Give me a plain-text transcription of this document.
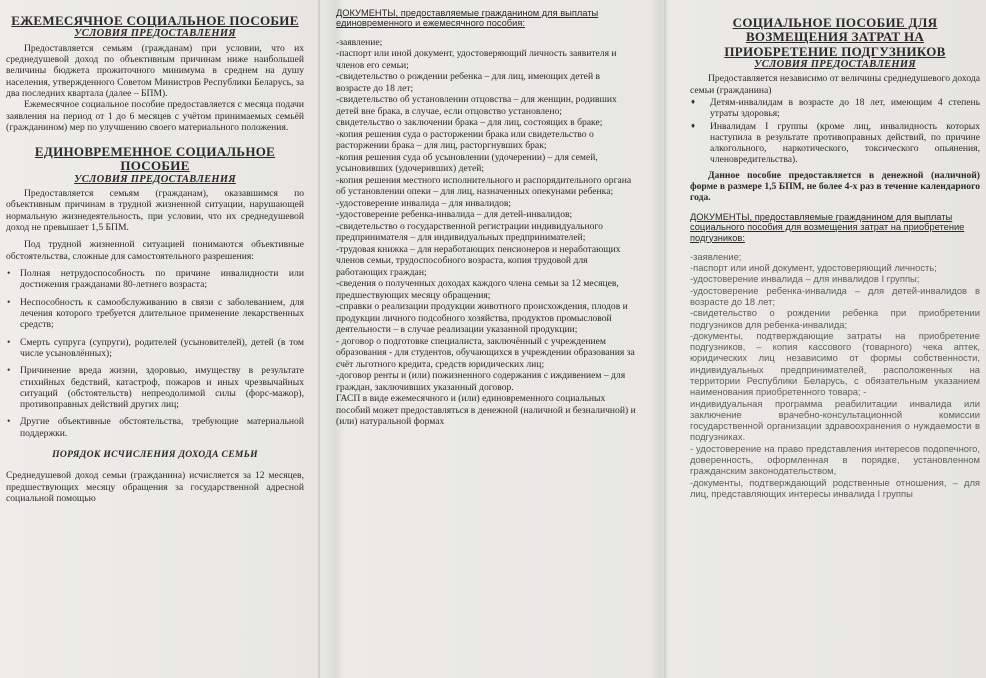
ЕЖЕМЕСЯЧНОЕ СОЦИАЛЬНОЕ ПОСОБИЕ
УСЛОВИЯ ПРЕДОСТАВЛЕНИЯ

Предоставляется семьям (гражданам) при условии, что их среднедушевой доход по объективным причинам ниже наибольшей величины бюджета прожиточного минимума в среднем на душу населения, утвержденного Советом Министров Республики Беларусь, за два последних квартала (далее – БПМ).

Ежемесячное социальное пособие предоставляется с месяца подачи заявления на период от 1 до 6 месяцев с учётом принимаемых семьёй (гражданином) мер по улучшению своего материального положения.

ЕДИНОВРЕМЕННОЕ СОЦИАЛЬНОЕ ПОСОБИЕ
УСЛОВИЯ ПРЕДОСТАВЛЕНИЯ

Предоставляется семьям (гражданам), оказавшимся по объективным причинам в трудной жизненной ситуации, нарушающей нормальную жизнедеятельность, при условии, что их среднедушевой доход не превышает 1,5 БПМ.

Под трудной жизненной ситуацией понимаются объективные обстоятельства, сложные для самостоятельного разрешения:

• Полная нетрудоспособность по причине инвалидности или достижения гражданами 80-летнего возраста;

• Неспособность к самообслуживанию в связи с заболеванием, для лечения которого требуется длительное применение лекарственных средств;

• Смерть супруга (супруги), родителей (усыновителей), детей (в том числе усыновлённых);

• Причинение вреда жизни, здоровью, имуществу в результате стихийных бедствий, катастроф, пожаров и иных чрезвычайных ситуаций (обстоятельств) непреодолимой силы (форс-мажор), противоправных действий других лиц;

• Другие объективные обстоятельства, требующие материальной поддержки.

ПОРЯДОК ИСЧИСЛЕНИЯ ДОХОДА СЕМЬИ

Среднедушевой доход семьи (гражданина) исчисляется за 12 месяцев, предшествующих месяцу обращения за государственной адресной социальной помощью

ДОКУМЕНТЫ, предоставляемые гражданином для выплаты единовременного и ежемесячного пособия:

-заявление;

-паспорт или иной документ, удостоверяющий личность заявителя и членов его семьи;

-свидетельство о рождении ребенка – для лиц, имеющих детей в возрасте до 18 лет;

-свидетельство об установлении отцовства – для женщин, родивших детей вне брака, в случае, если отцовство установлено;

свидетельство о заключении брака – для лиц, состоящих в браке;

-копия решения суда о расторжении брака или свидетельство о расторжении брака – для лиц, расторгнувших брак;

-копия решения суда об усыновлении (удочерении) – для семей, усыновивших (удочеривших) детей;

-копия решения местного исполнительного и распорядительного органа об установлении опеки – для лиц, назначенных опекунами ребенка;

-удостоверение инвалида – для инвалидов;

-удостоверение ребенка-инвалида – для детей-инвалидов;

-свидетельство о государственной регистрации индивидуального предпринимателя – для индивидуальных предпринимателей;

-трудовая книжка – для неработающих пенсионеров и неработающих членов семьи, трудоспособного возраста, копия трудовой для работающих граждан;

-сведения о полученных доходах каждого члена семьи за 12 месяцев, предшествующих месяцу обращения;

-справки о реализации продукции животного происхождения, плодов и продукции личного подсобного хозяйства, продуктов промысловой деятельности – в случае реализации указанной продукции;

- договор о подготовке специалиста, заключённый с учреждением образования - для студентов, обучающихся в учреждении образования за счёт льготного кредита, средств юридических лиц;

-договор ренты и (или) пожизненного содержания с иждивением – для граждан, заключивших указанный договор.

ГАСП в виде ежемесячного и (или) единовременного социальных пособий может предоставляться в денежной (наличной и безналичной) и (или) натуральной формах

СОЦИАЛЬНОЕ ПОСОБИЕ ДЛЯ ВОЗМЕЩЕНИЯ ЗАТРАТ НА ПРИОБРЕТЕНИЕ ПОДГУЗНИКОВ
УСЛОВИЯ ПРЕДОСТАВЛЕНИЯ

Предоставляется независимо от величины среднедушевого дохода семьи (гражданина)

♦ Детям-инвалидам в возрасте до 18 лет, имеющим 4 степень утраты здоровья;

♦ Инвалидам I группы (кроме лиц, инвалидность которых наступила в результате противоправных действий, по причине алкогольного, наркотического, токсического опьянения, членовредительства).

Данное пособие предоставляется в денежной (наличной) форме в размере 1,5 БПМ, не более 4-х раз в течение календарного года.

ДОКУМЕНТЫ, предоставляемые гражданином для выплаты социального пособия для возмещения затрат на приобретение подгузников:

-заявление;

-паспорт или иной документ, удостоверяющий личность;

-удостоверение инвалида – для инвалидов I группы;

-удостоверение ребенка-инвалида – для детей-инвалидов в возрасте до 18 лет;

-свидетельство о рождении ребенка при приобретении подгузников для ребенка-инвалида;

-документы, подтверждающие затраты на приобретение подгузников, – копия кассового (товарного) чека аптек, юридических лиц независимо от формы собственности, индивидуальных предпринимателей, расположенных на территории Республики Беларусь, с обязательным указанием наименования приобретенного товара; -

индивидуальная программа реабилитации инвалида или заключение врачебно-консультационной комиссии государственной организации здравоохранения о нуждаемости в подгузниках.

- удостоверение на право представления интересов подопечного, доверенность, оформленная в порядке, установленном гражданским законодательством,

-документы, подтверждающий родственные отношения, – для лиц, представляющих интересы инвалида I группы
